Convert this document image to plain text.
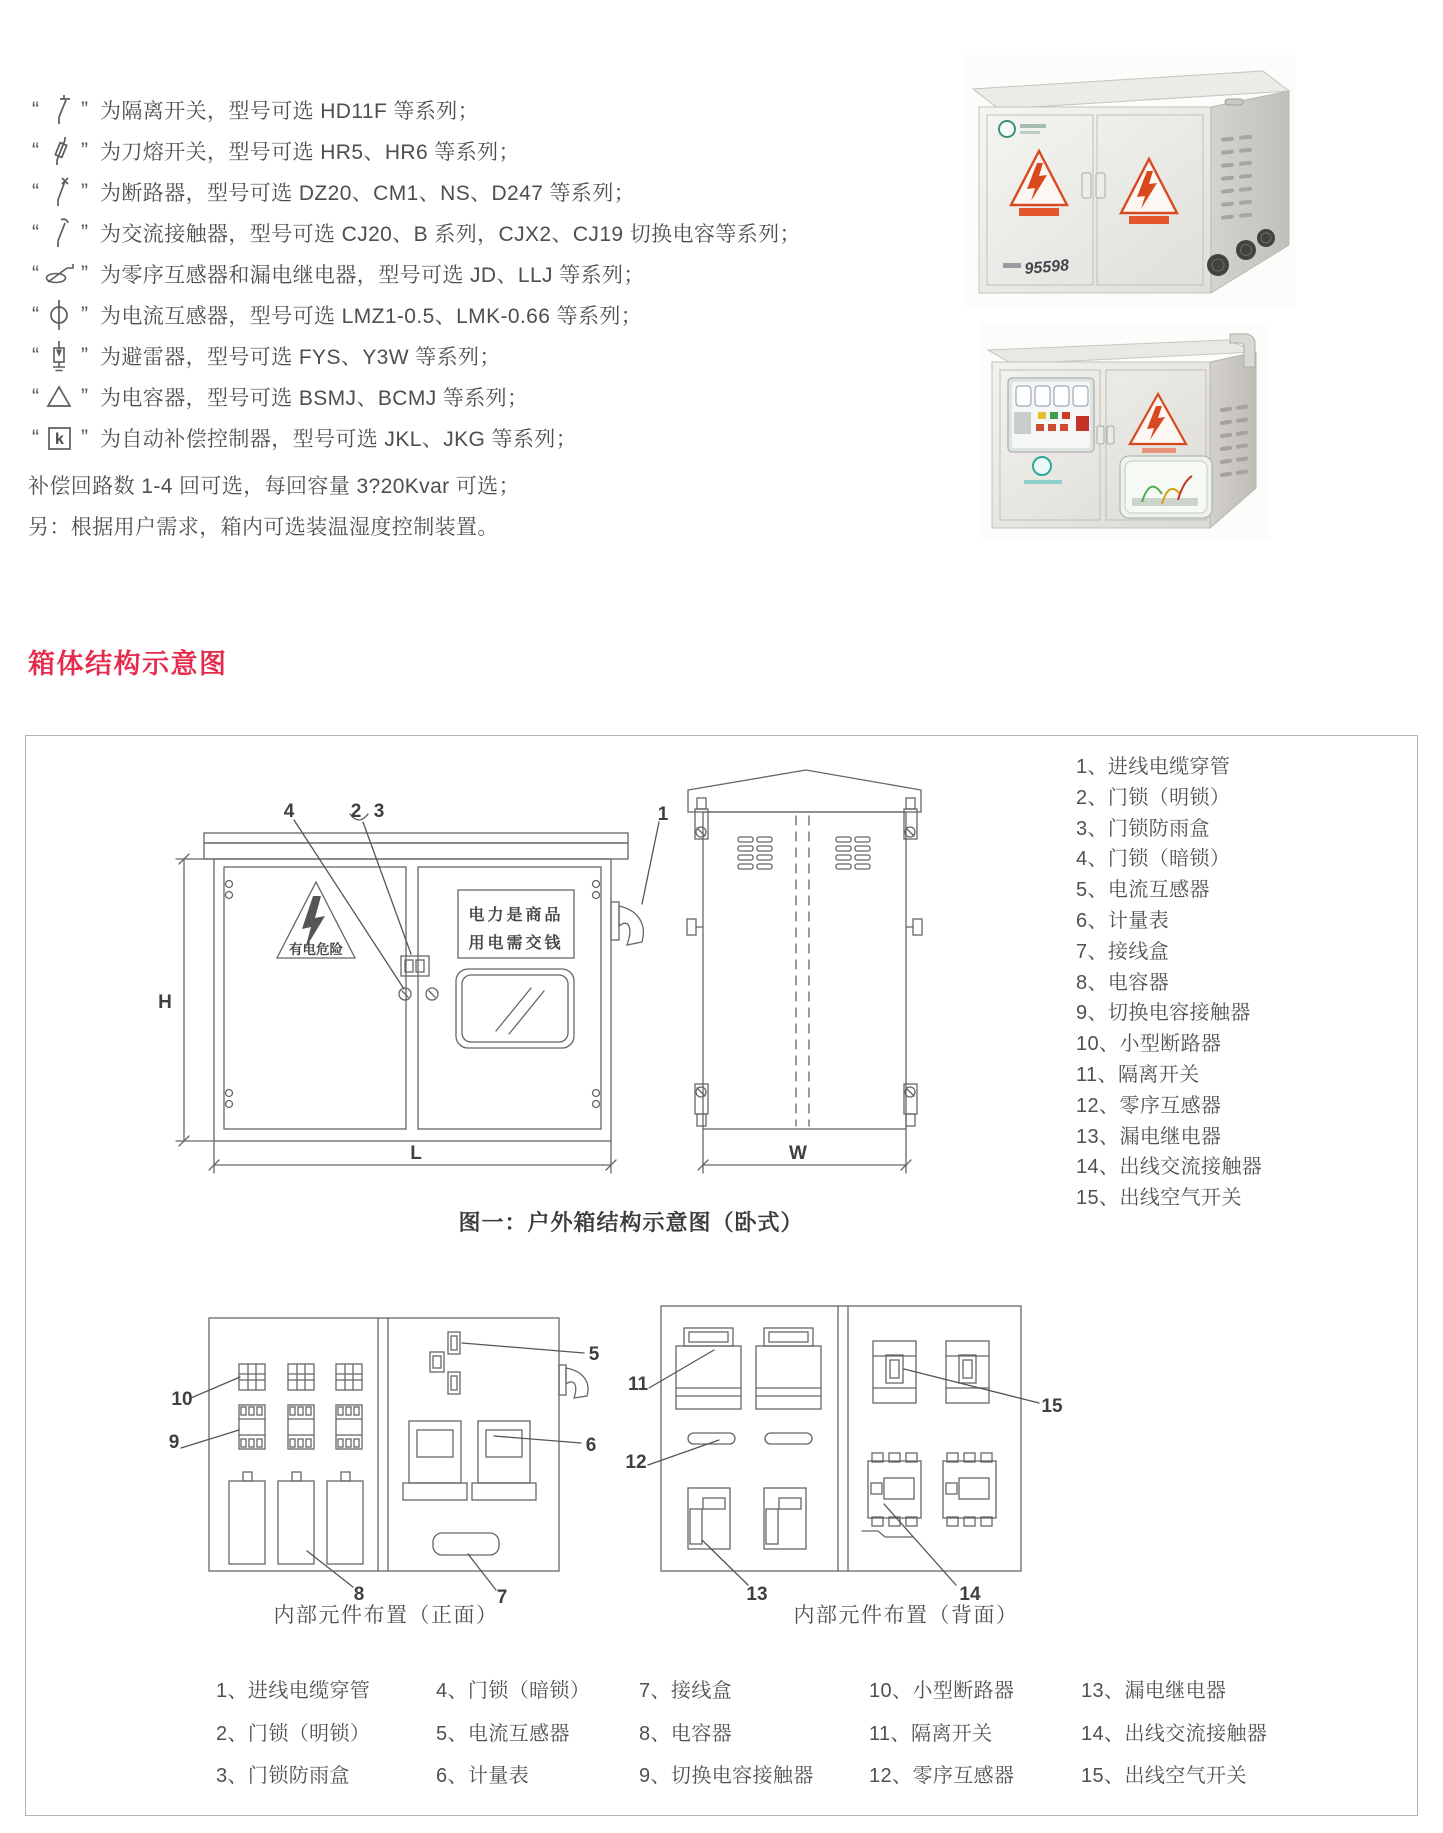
“ ” 为隔离开关，型号可选 HD11F 等系列；
“ ” 为刀熔开关，型号可选 HR5、HR6 等系列；
“ ” 为断路器，型号可选 DZ20、CM1、NS、D247 等系列；
“ ” 为交流接触器，型号可选 CJ20、B 系列，CJX2、CJ19 切换电容等系列；
“ ” 为零序互感器和漏电继电器，型号可选 JD、LLJ 等系列；
“ ” 为电流互感器，型号可选 LMZ1-0.5、LMK-0.66 等系列；
“ ” 为避雷器，型号可选 FYS、Y3W 等系列；
“ ” 为电容器，型号可选 BSMJ、BCMJ 等系列；
“ k ” 为自动补偿控制器，型号可选 JKL、JKG 等系列；
补偿回路数 1-4 回可选，每回容量 3?20Kvar 可选；
另：根据用户需求，箱内可选装温湿度控制装置。
95598
箱体结构示意图
4	2 3	1
H
L	W
10
9
8
5
6
7
11
12
13
15
14
有电危险
电力是商品
用电需交钱
1、进线电缆穿管
2、门锁（明锁）
3、门锁防雨盒
4、门锁（暗锁）
5、电流互感器
6、计量表
7、接线盒
8、电容器
9、切换电容接触器
10、小型断路器
11、隔离开关
12、零序互感器
13、漏电继电器
14、出线交流接触器
15、出线空气开关
图一：户外箱结构示意图（卧式）
内部元件布置（正面）	内部元件布置（背面）
1、进线电缆穿管
2、门锁（明锁）
3、门锁防雨盒
4、门锁（暗锁）
5、电流互感器
6、计量表
7、接线盒
8、电容器
9、切换电容接触器
10、小型断路器
11、隔离开关
12、零序互感器
13、漏电继电器
14、出线交流接触器
15、出线空气开关
